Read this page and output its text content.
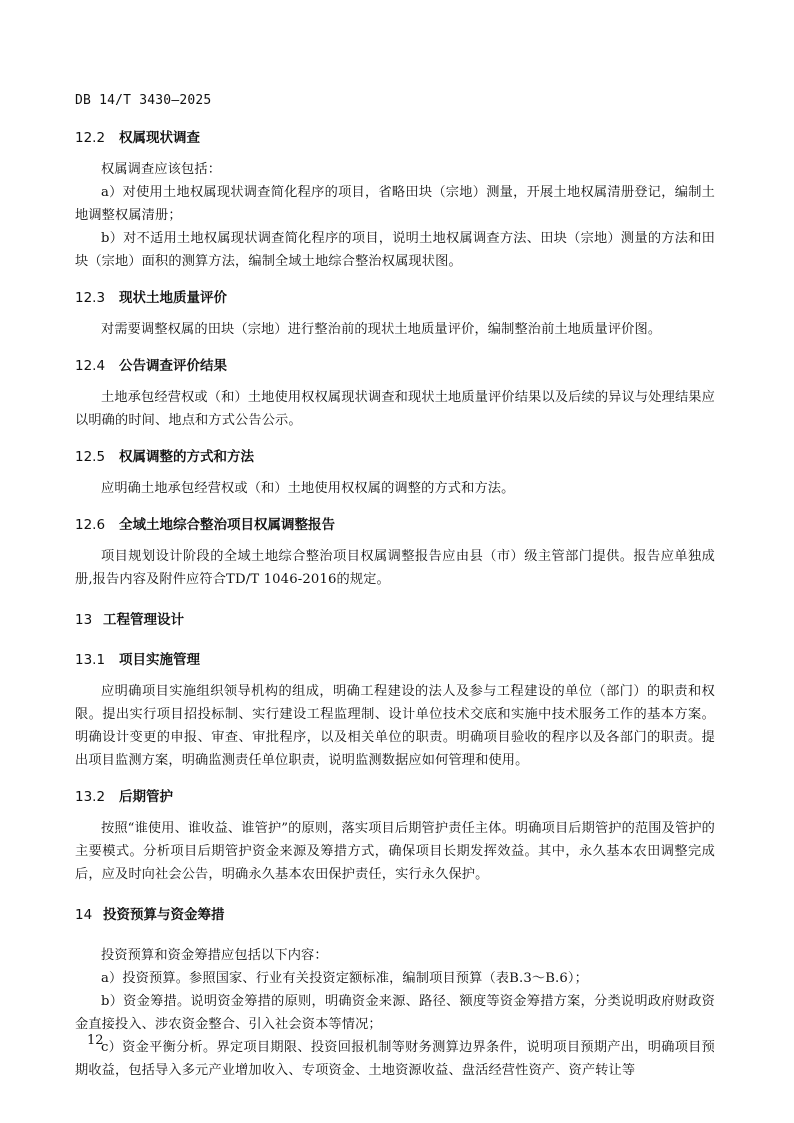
DB 14/T 3430—2025
12.2 权属现状调查

权属调查应该包括：

a）对使用土地权属现状调查简化程序的项目，省略田块（宗地）测量，开展土地权属清册登记，编制土地调整权属清册；

b）对不适用土地权属现状调查简化程序的项目，说明土地权属调查方法、田块（宗地）测量的方法和田块（宗地）面积的测算方法，编制全域土地综合整治权属现状图。

12.3 现状土地质量评价

对需要调整权属的田块（宗地）进行整治前的现状土地质量评价，编制整治前土地质量评价图。

12.4 公告调查评价结果

土地承包经营权或（和）土地使用权权属现状调查和现状土地质量评价结果以及后续的异议与处理结果应以明确的时间、地点和方式公告公示。

12.5 权属调整的方式和方法

应明确土地承包经营权或（和）土地使用权权属的调整的方式和方法。

12.6 全域土地综合整治项目权属调整报告

项目规划设计阶段的全域土地综合整治项目权属调整报告应由县（市）级主管部门提供。报告应单独成册,报告内容及附件应符合TD/T 1046-2016的规定。

13 工程管理设计
13.1 项目实施管理

应明确项目实施组织领导机构的组成，明确工程建设的法人及参与工程建设的单位（部门）的职责和权限。提出实行项目招投标制、实行建设工程监理制、设计单位技术交底和实施中技术服务工作的基本方案。明确设计变更的申报、审查、审批程序，以及相关单位的职责。明确项目验收的程序以及各部门的职责。提出项目监测方案，明确监测责任单位职责，说明监测数据应如何管理和使用。

13.2 后期管护

按照“谁使用、谁收益、谁管护”的原则，落实项目后期管护责任主体。明确项目后期管护的范围及管护的主要模式。分析项目后期管护资金来源及筹措方式，确保项目长期发挥效益。其中，永久基本农田调整完成后，应及时向社会公告，明确永久基本农田保护责任，实行永久保护。

14 投资预算与资金筹措

投资预算和资金筹措应包括以下内容：

a）投资预算。参照国家、行业有关投资定额标准，编制项目预算（表B.3～B.6）；

b）资金筹措。说明资金筹措的原则，明确资金来源、路径、额度等资金筹措方案，分类说明政府财政资金直接投入、涉农资金整合、引入社会资本等情况；

c）资金平衡分析。界定项目期限、投资回报机制等财务测算边界条件，说明项目预期产出，明确项目预期收益，包括导入多元产业增加收入、专项资金、土地资源收益、盘活经营性资产、资产转让等

12
